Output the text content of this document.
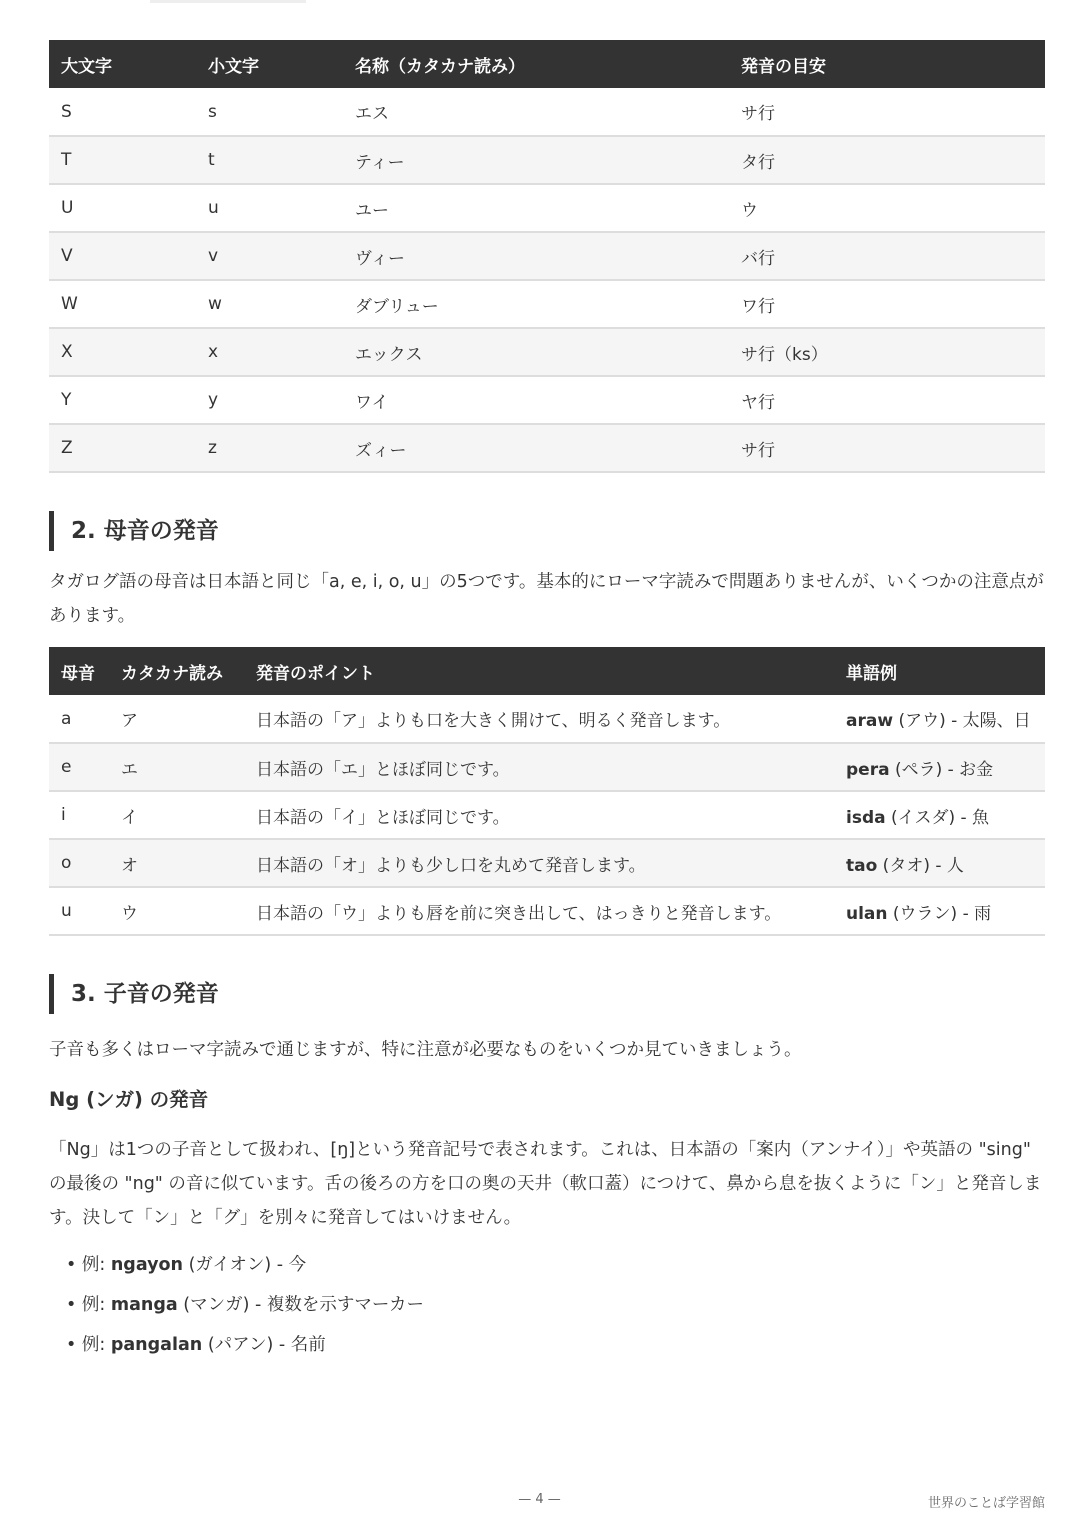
大文字	小文字	名称（カタカナ読み）	発音の目安
S	s	エス	サ行
T	t	ティー	タ行
U	u	ユー	ウ
V	v	ヴィー	バ行
W	w	ダブリュー	ワ行
X	x	エックス	サ行（ks）
Y	y	ワイ	ヤ行
Z	z	ズィー	サ行
2. 母音の発音

タガログ語の母音は日本語と同じ「a, e, i, o, u」の5つです。基本的にローマ字読みで問題ありませんが、いくつかの注意点があります。

母音	カタカナ読み	発音のポイント	単語例
a	ア	日本語の「ア」よりも口を大きく開けて、明るく発音します。	araw (アウ) - 太陽、日
e	エ	日本語の「エ」とほぼ同じです。	pera (ペラ) - お金
i	イ	日本語の「イ」とほぼ同じです。	isda (イスダ) - 魚
o	オ	日本語の「オ」よりも少し口を丸めて発音します。	tao (タオ) - 人
u	ウ	日本語の「ウ」よりも唇を前に突き出して、はっきりと発音します。	ulan (ウラン) - 雨
3. 子音の発音

子音も多くはローマ字読みで通じますが、特に注意が必要なものをいくつか見ていきましょう。

Ng (ンガ) の発音

「Ng」は1つの子音として扱われ、[ŋ]という発音記号で表されます。これは、日本語の「案内（アンナイ）」や英語の "sing" の最後の "ng" の音に似ています。舌の後ろの方を口の奥の天井（軟口蓋）につけて、鼻から息を抜くように「ン」と発音します。決して「ン」と「グ」を別々に発音してはいけません。

• 例: ngayon (ガイオン) - 今
• 例: manga (マンガ) - 複数を示すマーカー
• 例: pangalan (パアン) - 名前
— 4 —	世界のことば学習館
